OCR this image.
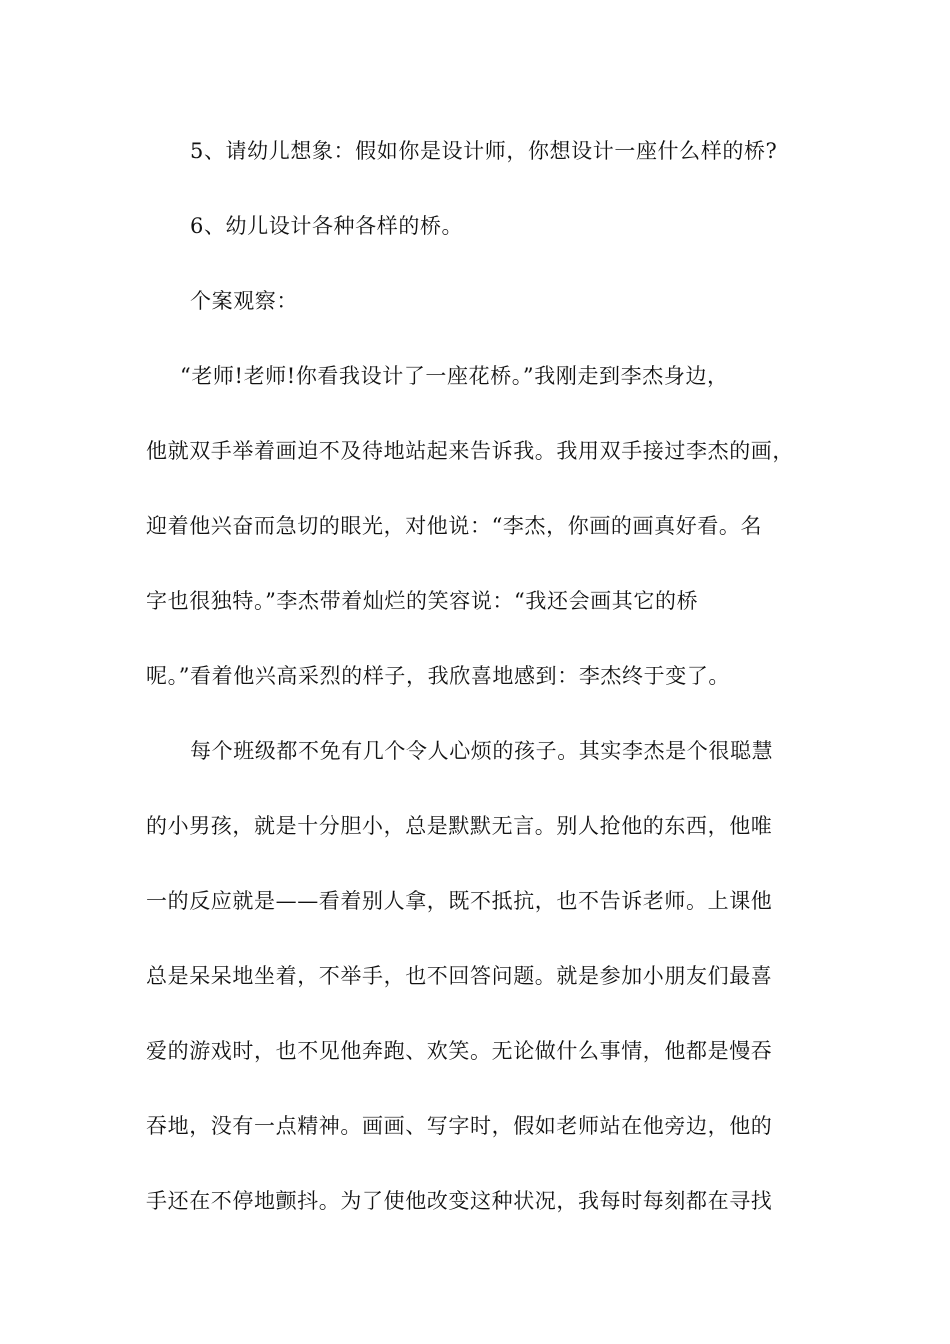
5、请幼儿想象：假如你是设计师，你想设计一座什么样的桥?
6、幼儿设计各种各样的桥。
个案观察：
“老师!老师!你看我设计了一座花桥。”我刚走到李杰身边，
他就双手举着画迫不及待地站起来告诉我。我用双手接过李杰的画，
迎着他兴奋而急切的眼光，对他说：“李杰，你画的画真好看。名
字也很独特。”李杰带着灿烂的笑容说：“我还会画其它的桥
呢。”看着他兴高采烈的样子，我欣喜地感到：李杰终于变了。
每个班级都不免有几个令人心烦的孩子。其实李杰是个很聪慧
的小男孩，就是十分胆小，总是默默无言。别人抢他的东西，他唯
一的反应就是——看着别人拿，既不抵抗，也不告诉老师。上课他
总是呆呆地坐着，不举手，也不回答问题。就是参加小朋友们最喜
爱的游戏时，也不见他奔跑、欢笑。无论做什么事情，他都是慢吞
吞地，没有一点精神。画画、写字时，假如老师站在他旁边，他的
手还在不停地颤抖。为了使他改变这种状况，我每时每刻都在寻找
